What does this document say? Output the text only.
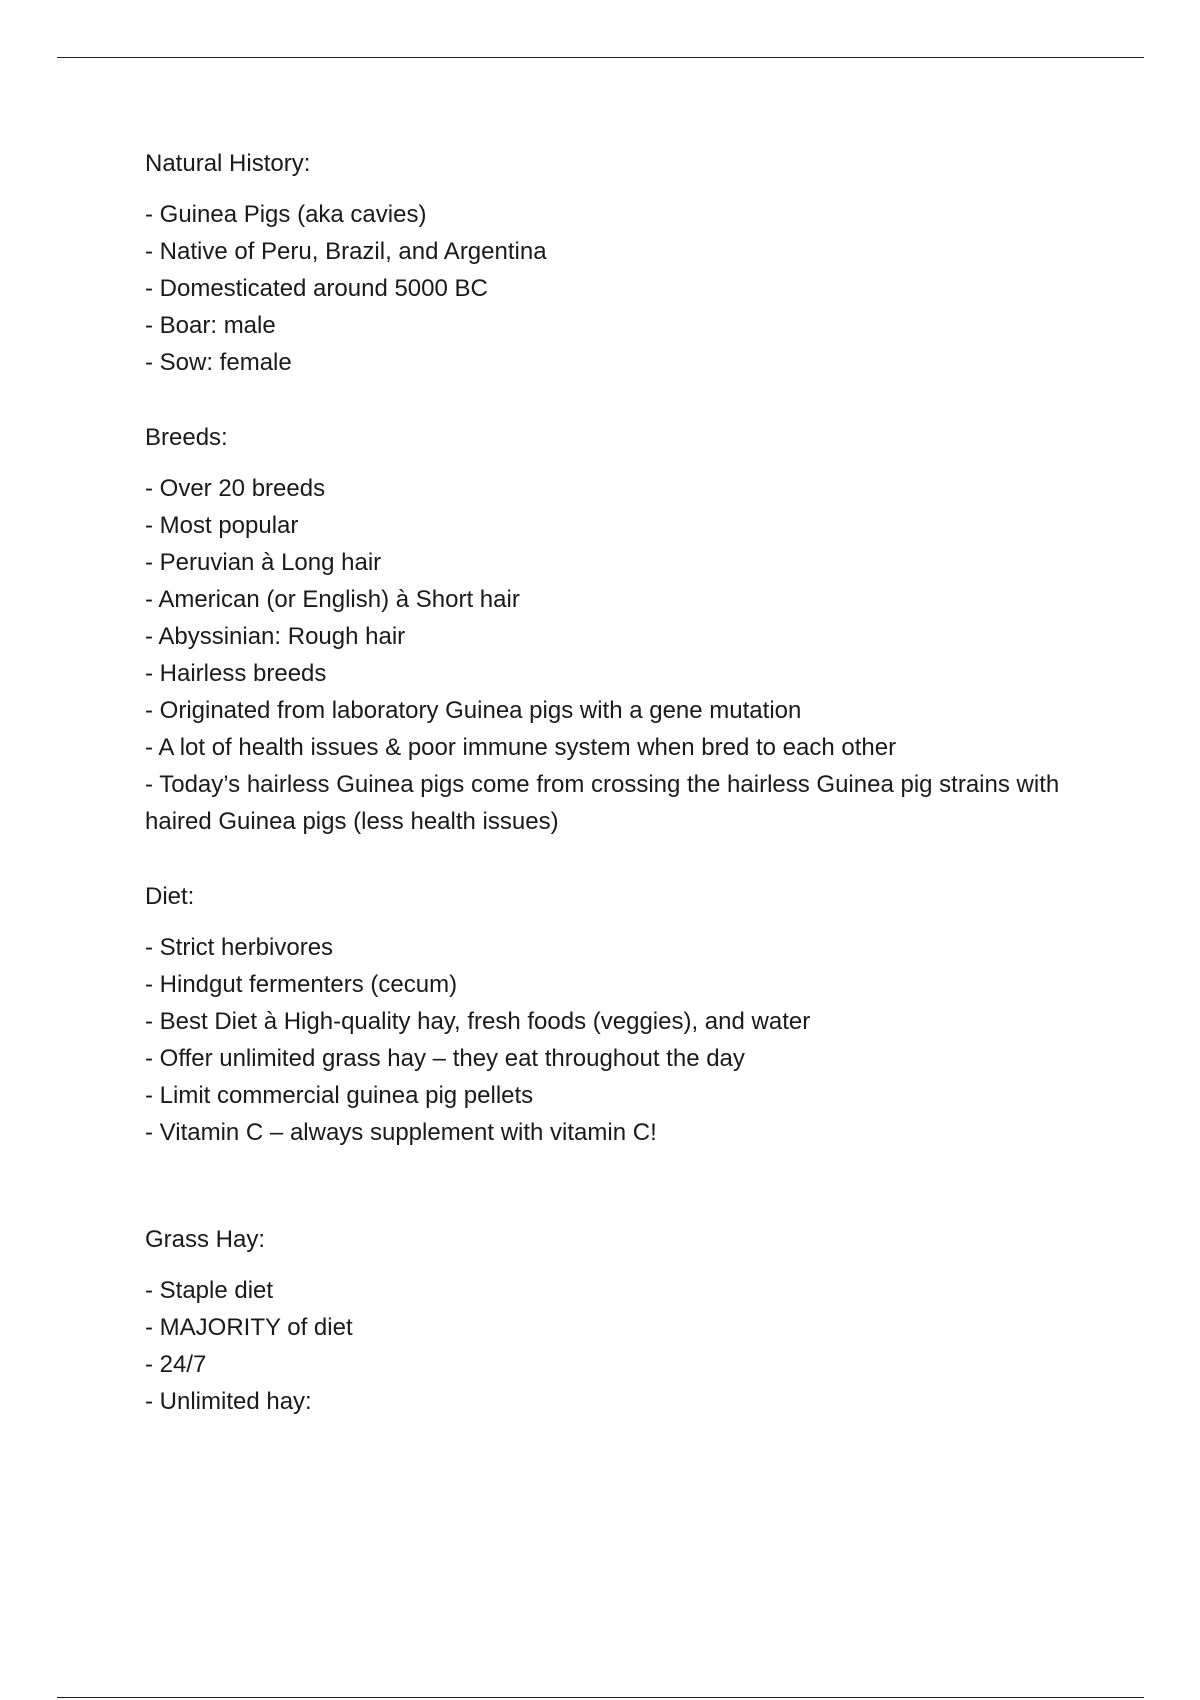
Natural History:
- Guinea Pigs (aka cavies)
- Native of Peru, Brazil, and Argentina
- Domesticated around 5000 BC
- Boar: male
- Sow: female
Breeds:
- Over 20 breeds
- Most popular
- Peruvian à Long hair
- American (or English) à Short hair
- Abyssinian: Rough hair
- Hairless breeds
- Originated from laboratory Guinea pigs with a gene mutation
- A lot of health issues & poor immune system when bred to each other
- Today’s hairless Guinea pigs come from crossing the hairless Guinea pig strains with haired Guinea pigs (less health issues)
Diet:
- Strict herbivores
- Hindgut fermenters (cecum)
- Best Diet à High-quality hay, fresh foods (veggies), and water
- Offer unlimited grass hay – they eat throughout the day
- Limit commercial guinea pig pellets
- Vitamin C – always supplement with vitamin C!
Grass Hay:
- Staple diet
- MAJORITY of diet
- 24/7
- Unlimited hay:
